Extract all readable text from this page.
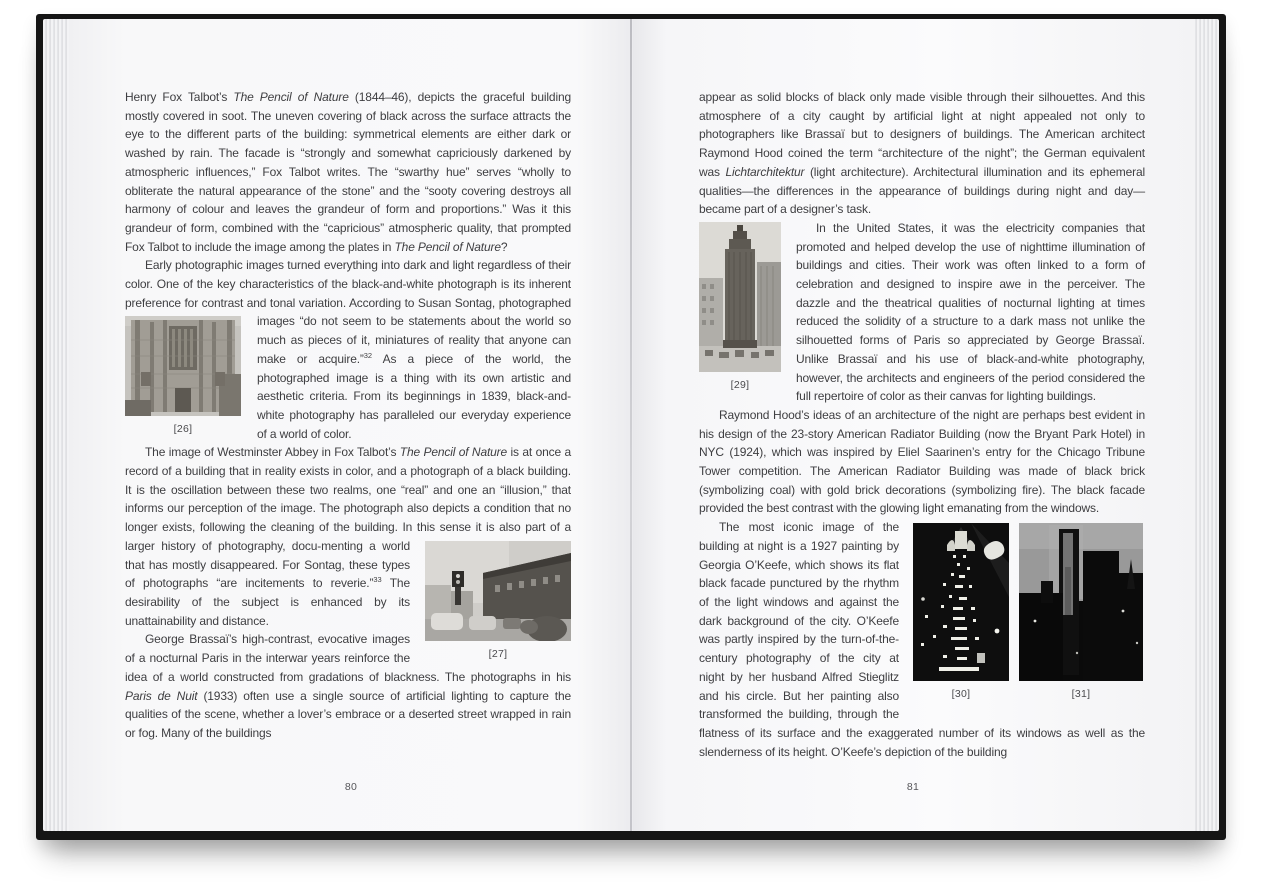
Henry Fox Talbot’s The Pencil of Nature (1844–46), depicts the graceful building mostly covered in soot. The uneven covering of black across the surface attracts the eye to the different parts of the building: symmetrical elements are either dark or washed by rain. The facade is “strongly and somewhat capriciously darkened by atmospheric influences,” Fox Talbot writes. The “swarthy hue” serves “wholly to obliterate the natural appearance of the stone” and the “sooty covering destroys all harmony of colour and leaves the grandeur of form and proportions.” Was it this grandeur of form, combined with the “capricious” atmospheric quality, that prompted Fox Talbot to include the image among the plates in The Pencil of Nature?

Early photographic images turned everything into dark and light regardless of their color. One of the key characteristics of the black-and-white photograph is its inherent preference for contrast and tonal variation. According to Susan
[26]
Sontag, photographed images “do not seem to be statements about the world so much as pieces of it, miniatures of reality that anyone can make or acquire.”$^{32}$ As a piece of the world, the photographed image is a thing with its own artistic and aesthetic criteria. From its beginnings in 1839, black-and-white photography has paralleled our everyday experience of a world of color.

The image of Westminster Abbey in Fox Talbot’s The Pencil of Nature is at once a record of a building that in reality exists in color, and a photograph of a black building. It is the oscillation between these two realms, one “real” and one an “illusion,” that informs our perception of the image. The photograph also depicts a condition that no longer exists, following the cleaning of the building. In this sense it is also part of a larger history of photography, docu-
[27]
menting a world that has mostly disappeared. For Sontag, these types of photographs “are incitements to reverie.”$^{33}$ The desirability of the subject is enhanced by its unattainability and distance.

George Brassaï’s high-contrast, evocative images of a nocturnal Paris in the interwar years reinforce the idea of a world constructed from gradations of blackness. The photographs in his Paris de Nuit (1933) often use a single source of artificial lighting to capture the qualities of the scene, whether a lover’s embrace or a deserted street wrapped in rain or fog. Many of the buildings

80

appear as solid blocks of black only made visible through their silhouettes. And this atmosphere of a city caught by artificial light at night appealed not only to photographers like Brassaï but to designers of buildings. The American architect Raymond Hood coined the term “architecture of the night”; the German equivalent was Lichtarchitektur (light architecture). Architectural illumination and its ephemeral qualities—the differences in the appearance of buildings during night and day—became part of a designer’s task.

[29]
In the United States, it was the electricity companies that promoted and helped develop the use of nighttime illumination of buildings and cities. Their work was often linked to a form of celebration and designed to inspire awe in the perceiver. The dazzle and the theatrical qualities of nocturnal lighting at times reduced the solidity of a structure to a dark mass not unlike the silhouetted forms of Paris so appreciated by George Brassaï. Unlike Brassaï and his use of black-and-white photography, however, the architects and engineers of the period considered the full repertoire of color as their canvas for lighting buildings.

Raymond Hood’s ideas of an architecture of the night are perhaps best evident in his design of the 23-story American Radiator Building (now the Bryant Park Hotel) in NYC (1924), which was inspired by Eliel Saarinen’s entry for the Chicago Tribune Tower competition. The American Radiator Building was made of black brick (symbolizing coal) with gold brick decorations (symbolizing fire). The black facade provided the best contrast with the glowing
[30]	[31]
light emanating from the windows.

The most iconic image of the building at night is a 1927 painting by Georgia O’Keefe, which shows its flat black facade punctured by the rhythm of the light windows and against the dark background of the city. O’Keefe was partly inspired by the turn-of-the-century photography of the city at night by her husband Alfred Stieglitz and his circle. But her painting also transformed the building, through the flatness of its surface and the exaggerated number of its windows as well as the slenderness of its height. O’Keefe’s depiction of the building

81
